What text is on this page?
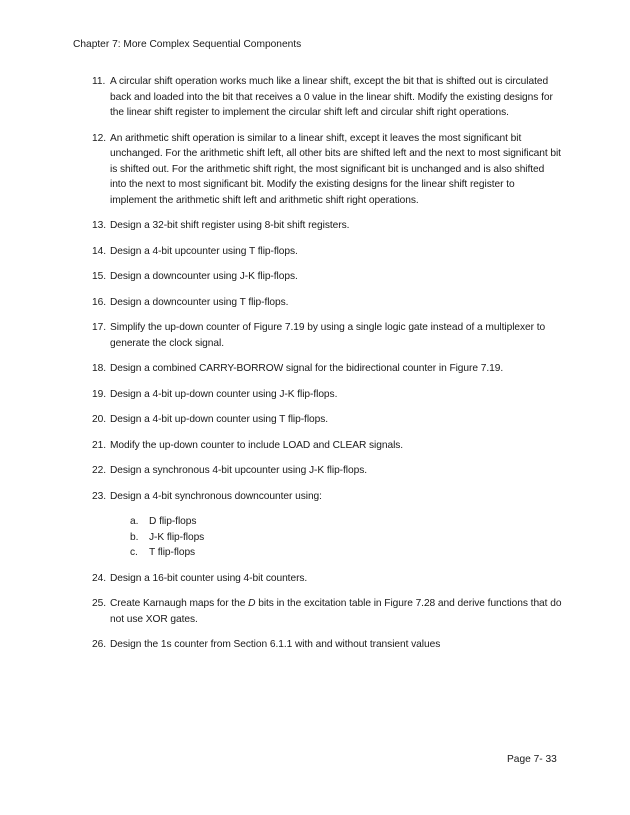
Chapter 7: More Complex Sequential Components
11. A circular shift operation works much like a linear shift, except the bit that is shifted out is circulated back and loaded into the bit that receives a 0 value in the linear shift. Modify the existing designs for the linear shift register to implement the circular shift left and circular shift right operations.
12. An arithmetic shift operation is similar to a linear shift, except it leaves the most significant bit unchanged. For the arithmetic shift left, all other bits are shifted left and the next to most significant bit is shifted out. For the arithmetic shift right, the most significant bit is unchanged and is also shifted into the next to most significant bit. Modify the existing designs for the linear shift register to implement the arithmetic shift left and arithmetic shift right operations.
13. Design a 32-bit shift register using 8-bit shift registers.
14. Design a 4-bit upcounter using T flip-flops.
15. Design a downcounter using J-K flip-flops.
16. Design a downcounter using T flip-flops.
17. Simplify the up-down counter of Figure 7.19 by using a single logic gate instead of a multiplexer to generate the clock signal.
18. Design a combined CARRY-BORROW signal for the bidirectional counter in Figure 7.19.
19. Design a 4-bit up-down counter using J-K flip-flops.
20. Design a 4-bit up-down counter using T flip-flops.
21. Modify the up-down counter to include LOAD and CLEAR signals.
22. Design a synchronous 4-bit upcounter using J-K flip-flops.
23. Design a 4-bit synchronous downcounter using:
a. D flip-flops
b. J-K flip-flops
c. T flip-flops
24. Design a 16-bit counter using 4-bit counters.
25. Create Karnaugh maps for the D bits in the excitation table in Figure 7.28 and derive functions that do not use XOR gates.
26. Design the 1s counter from Section 6.1.1 with and without transient values
Page 7- 33
